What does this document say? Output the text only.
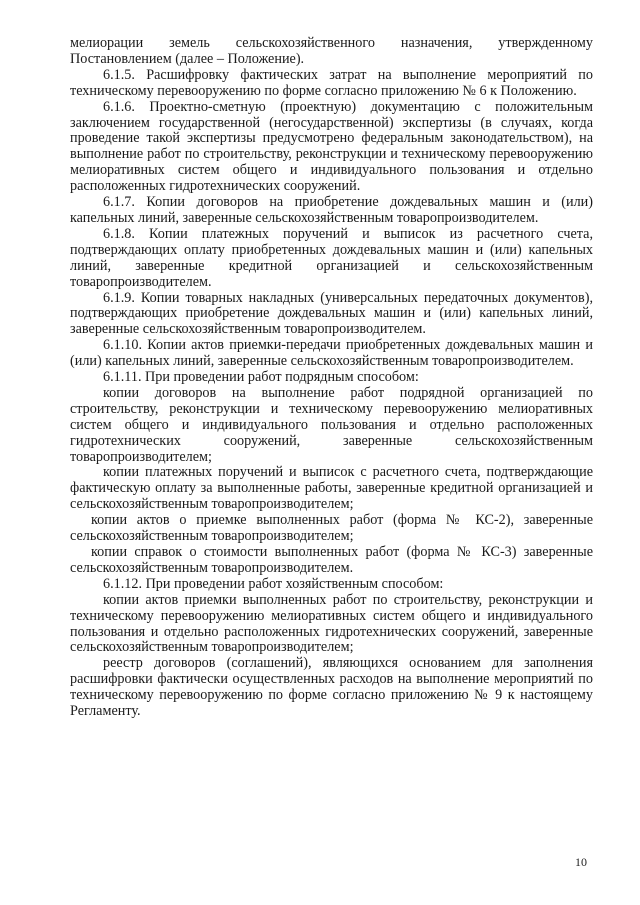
мелиорации земель сельскохозяйственного назначения, утвержденному Постановлением (далее – Положение).

6.1.5. Расшифровку фактических затрат на выполнение мероприятий по техническому перевооружению по форме согласно приложению № 6 к Положению.

6.1.6. Проектно-сметную (проектную) документацию с положительным заключением государственной (негосударственной) экспертизы (в случаях, когда проведение такой экспертизы предусмотрено федеральным законодательством), на выполнение работ по строительству, реконструкции и техническому перевооружению мелиоративных систем общего и индивидуального пользования и отдельно расположенных гидротехнических сооружений.

6.1.7. Копии договоров на приобретение дождевальных машин и (или) капельных линий, заверенные сельскохозяйственным товаропроизводителем.

6.1.8. Копии платежных поручений и выписок из расчетного счета, подтверждающих оплату приобретенных дождевальных машин и (или) капельных линий, заверенные кредитной организацией и сельскохозяйственным товаропроизводителем.

6.1.9. Копии товарных накладных (универсальных передаточных документов), подтверждающих приобретение дождевальных машин и (или) капельных линий, заверенные сельскохозяйственным товаропроизводителем.

6.1.10. Копии актов приемки-передачи приобретенных дождевальных машин и (или) капельных линий, заверенные сельскохозяйственным товаропроизводителем.

6.1.11. При проведении работ подрядным способом:

копии договоров на выполнение работ подрядной организацией по строительству, реконструкции и техническому перевооружению мелиоративных систем общего и индивидуального пользования и отдельно расположенных гидротехнических сооружений, заверенные сельскохозяйственным товаропроизводителем;

копии платежных поручений и выписок с расчетного счета, подтверждающие фактическую оплату за выполненные работы, заверенные кредитной организацией и сельскохозяйственным товаропроизводителем;

копии актов о приемке выполненных работ (форма № КС-2), заверенные сельскохозяйственным товаропроизводителем;

копии справок о стоимости выполненных работ (форма № КС-3) заверенные сельскохозяйственным товаропроизводителем.

6.1.12. При проведении работ хозяйственным способом:

копии актов приемки выполненных работ по строительству, реконструкции и техническому перевооружению мелиоративных систем общего и индивидуального пользования и отдельно расположенных гидротехнических сооружений, заверенные сельскохозяйственным товаропроизводителем;

реестр договоров (соглашений), являющихся основанием для заполнения расшифровки фактически осуществленных расходов на выполнение мероприятий по техническому перевооружению по форме согласно приложению № 9 к настоящему Регламенту.

10
